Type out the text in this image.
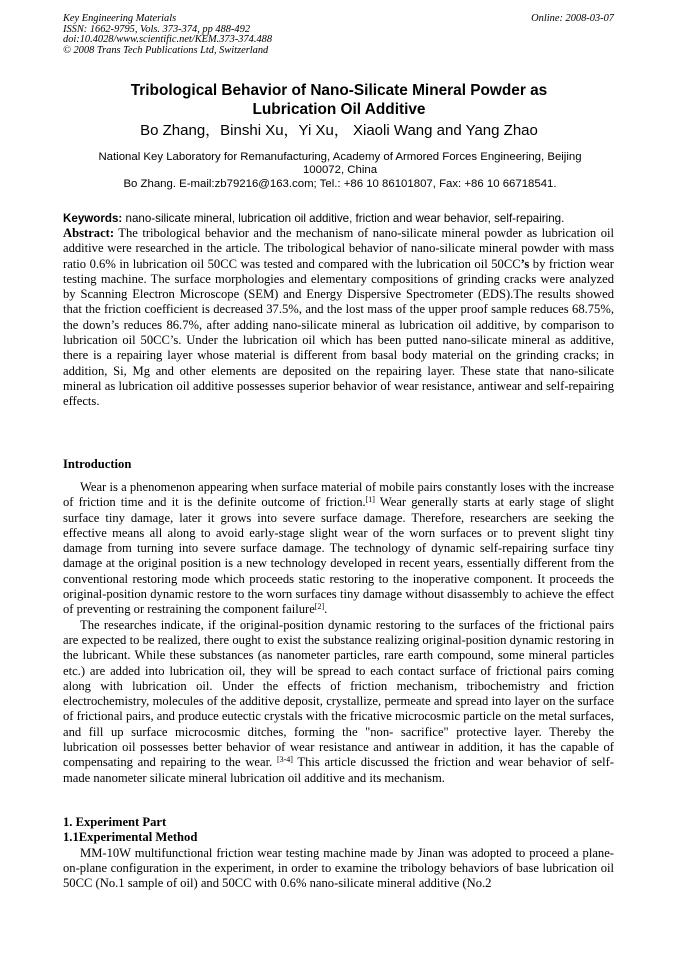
Key Engineering Materials
ISSN: 1662-9795, Vols. 373-374, pp 488-492
doi:10.4028/www.scientific.net/KEM.373-374.488
© 2008 Trans Tech Publications Ltd, Switzerland
Online: 2008-03-07
Tribological Behavior of Nano-Silicate Mineral Powder as
Lubrication Oil Additive
Bo Zhang，Binshi Xu，Yi Xu， Xiaoli Wang and Yang Zhao
National Key Laboratory for Remanufacturing, Academy of Armored Forces Engineering, Beijing
100072, China
Bo Zhang. E-mail:zb79216@163.com; Tel.: +86 10 86101807, Fax: +86 10 66718541.
Keywords: nano-silicate mineral, lubrication oil additive, friction and wear behavior, self-repairing.
Abstract: The tribological behavior and the mechanism of nano-silicate mineral powder as lubrication oil additive were researched in the article. The tribological behavior of nano-silicate mineral powder with mass ratio 0.6% in lubrication oil 50CC was tested and compared with the lubrication oil 50CC’s by friction wear testing machine. The surface morphologies and elementary compositions of grinding cracks were analyzed by Scanning Electron Microscope (SEM) and Energy Dispersive Spectrometer (EDS).The results showed that the friction coefficient is decreased 37.5%, and the lost mass of the upper proof sample reduces 68.75%, the down’s reduces 86.7%, after adding nano-silicate mineral as lubrication oil additive, by comparison to lubrication oil 50CC’s. Under the lubrication oil which has been putted nano-silicate mineral as additive, there is a repairing layer whose material is different from basal body material on the grinding cracks; in addition, Si, Mg and other elements are deposited on the repairing layer. These state that nano-silicate mineral as lubrication oil additive possesses superior behavior of wear resistance, antiwear and self-repairing effects.
Introduction

Wear is a phenomenon appearing when surface material of mobile pairs constantly loses with the increase of friction time and it is the definite outcome of friction.[1] Wear generally starts at early stage of slight surface tiny damage, later it grows into severe surface damage. Therefore, researchers are seeking the effective means all along to avoid early-stage slight wear of the worn surfaces or to prevent slight tiny damage from turning into severe surface damage. The technology of dynamic self-repairing surface tiny damage at the original position is a new technology developed in recent years, essentially different from the conventional restoring mode which proceeds static restoring to the inoperative component. It proceeds the original-position dynamic restore to the worn surfaces tiny damage without disassembly to achieve the effect of preventing or restraining the component failure[2].

The researches indicate, if the original-position dynamic restoring to the surfaces of the frictional pairs are expected to be realized, there ought to exist the substance realizing original-position dynamic restoring in the lubricant. While these substances (as nanometer particles, rare earth compound, some mineral particles etc.) are added into lubrication oil, they will be spread to each contact surface of frictional pairs coming along with lubrication oil. Under the effects of friction mechanism, tribochemistry and friction electrochemistry, molecules of the additive deposit, crystallize, permeate and spread into layer on the surface of frictional pairs, and produce eutectic crystals with the fricative microcosmic particle on the metal surfaces, and fill up surface microcosmic ditches, forming the "non- sacrifice" protective layer. Thereby the lubrication oil possesses better behavior of wear resistance and antiwear in addition, it has the capable of compensating and repairing to the wear. [3-4] This article discussed the friction and wear behavior of self-made nanometer silicate mineral lubrication oil additive and its mechanism.

1. Experiment Part

1.1Experimental Method

MM-10W multifunctional friction wear testing machine made by Jinan was adopted to proceed a plane-on-plane configuration in the experiment, in order to examine the tribology behaviors of base lubrication oil 50CC (No.1 sample of oil) and 50CC with 0.6% nano-silicate mineral additive (No.2
